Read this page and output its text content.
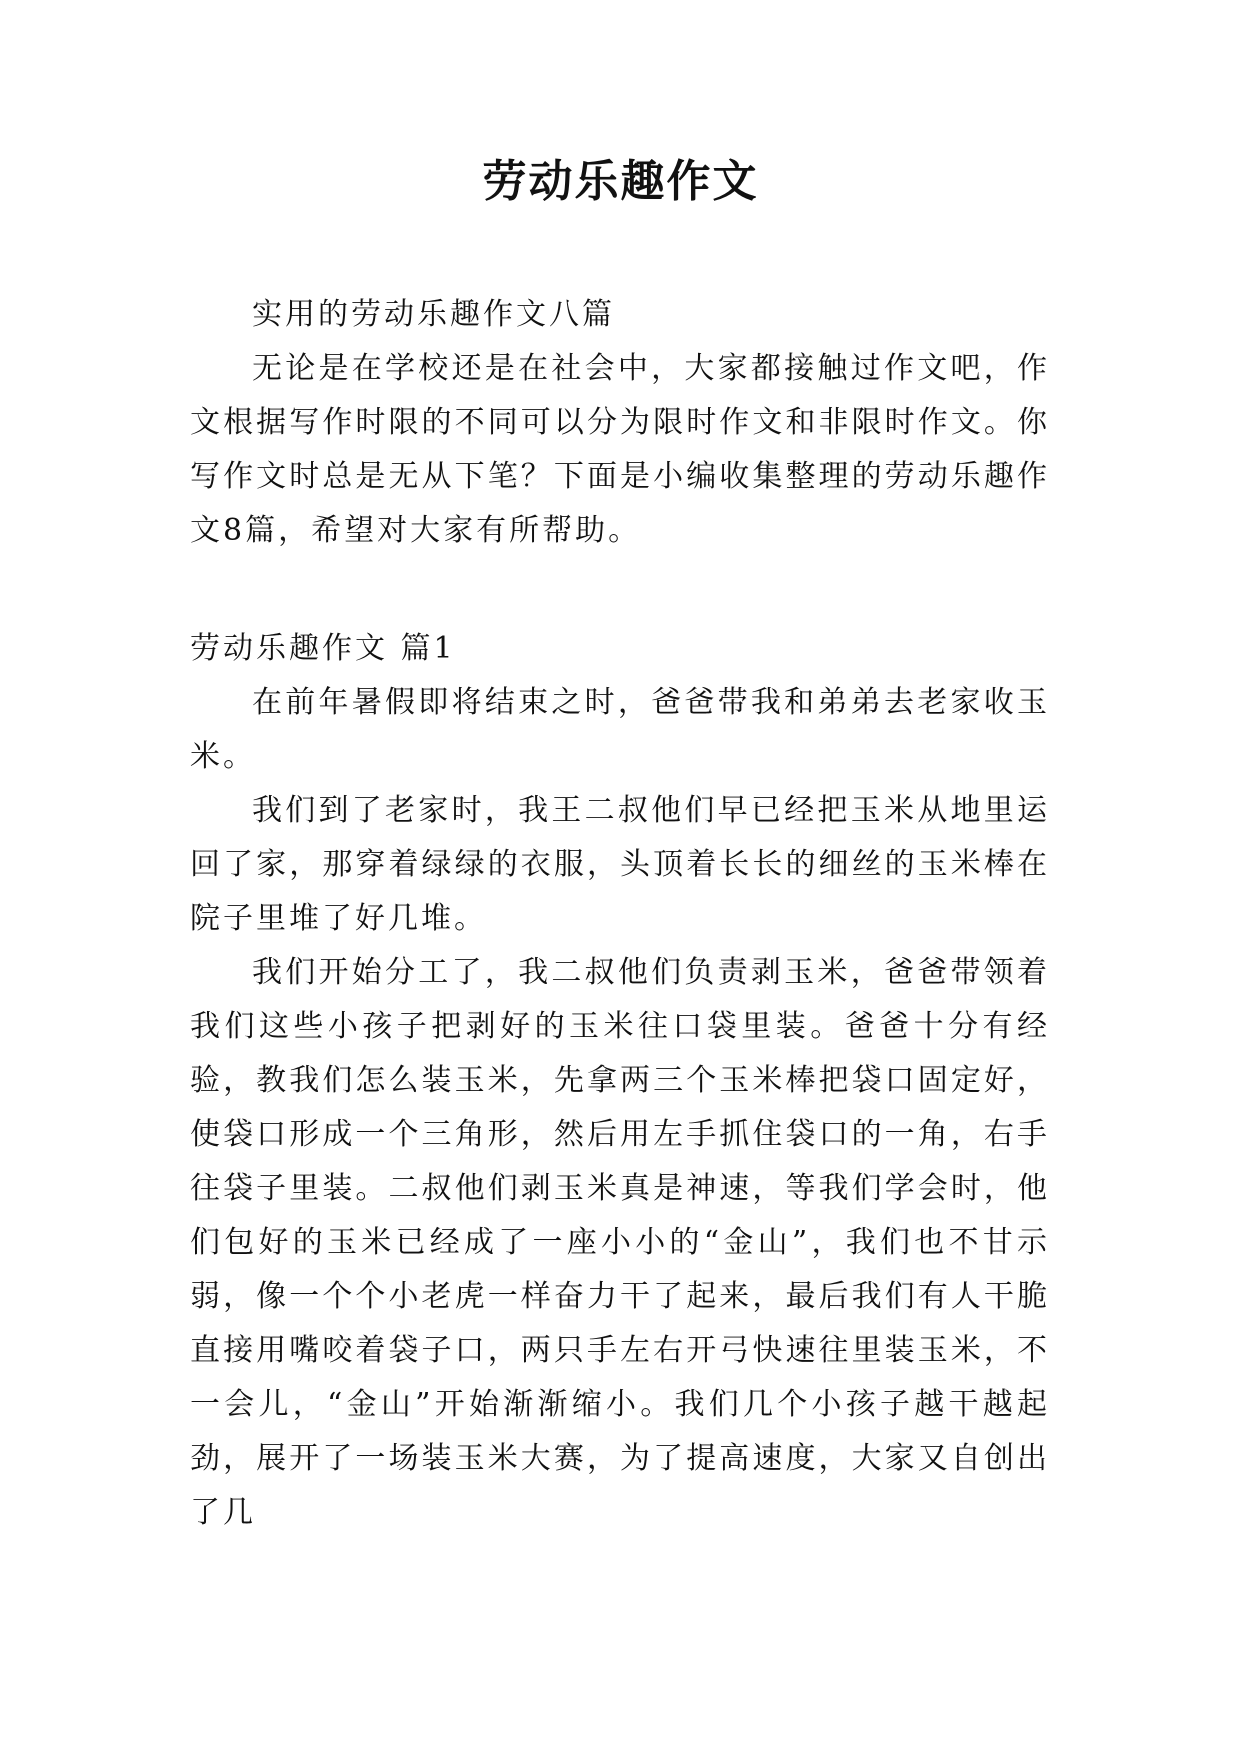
劳动乐趣作文

实用的劳动乐趣作文八篇

无论是在学校还是在社会中，大家都接触过作文吧，作文根据写作时限的不同可以分为限时作文和非限时作文。你写作文时总是无从下笔？下面是小编收集整理的劳动乐趣作文8篇，希望对大家有所帮助。

劳动乐趣作文 篇1

在前年暑假即将结束之时，爸爸带我和弟弟去老家收玉米。

我们到了老家时，我王二叔他们早已经把玉米从地里运回了家，那穿着绿绿的衣服，头顶着长长的细丝的玉米棒在院子里堆了好几堆。

我们开始分工了，我二叔他们负责剥玉米，爸爸带领着我们这些小孩子把剥好的玉米往口袋里装。爸爸十分有经验，教我们怎么装玉米，先拿两三个玉米棒把袋口固定好，使袋口形成一个三角形，然后用左手抓住袋口的一角，右手往袋子里装。二叔他们剥玉米真是神速，等我们学会时，他们包好的玉米已经成了一座小小的“金山”，我们也不甘示弱，像一个个小老虎一样奋力干了起来，最后我们有人干脆直接用嘴咬着袋子口，两只手左右开弓快速往里装玉米，不一会儿，“金山”开始渐渐缩小。我们几个小孩子越干越起劲，展开了一场装玉米大赛，为了提高速度，大家又自创出了几
